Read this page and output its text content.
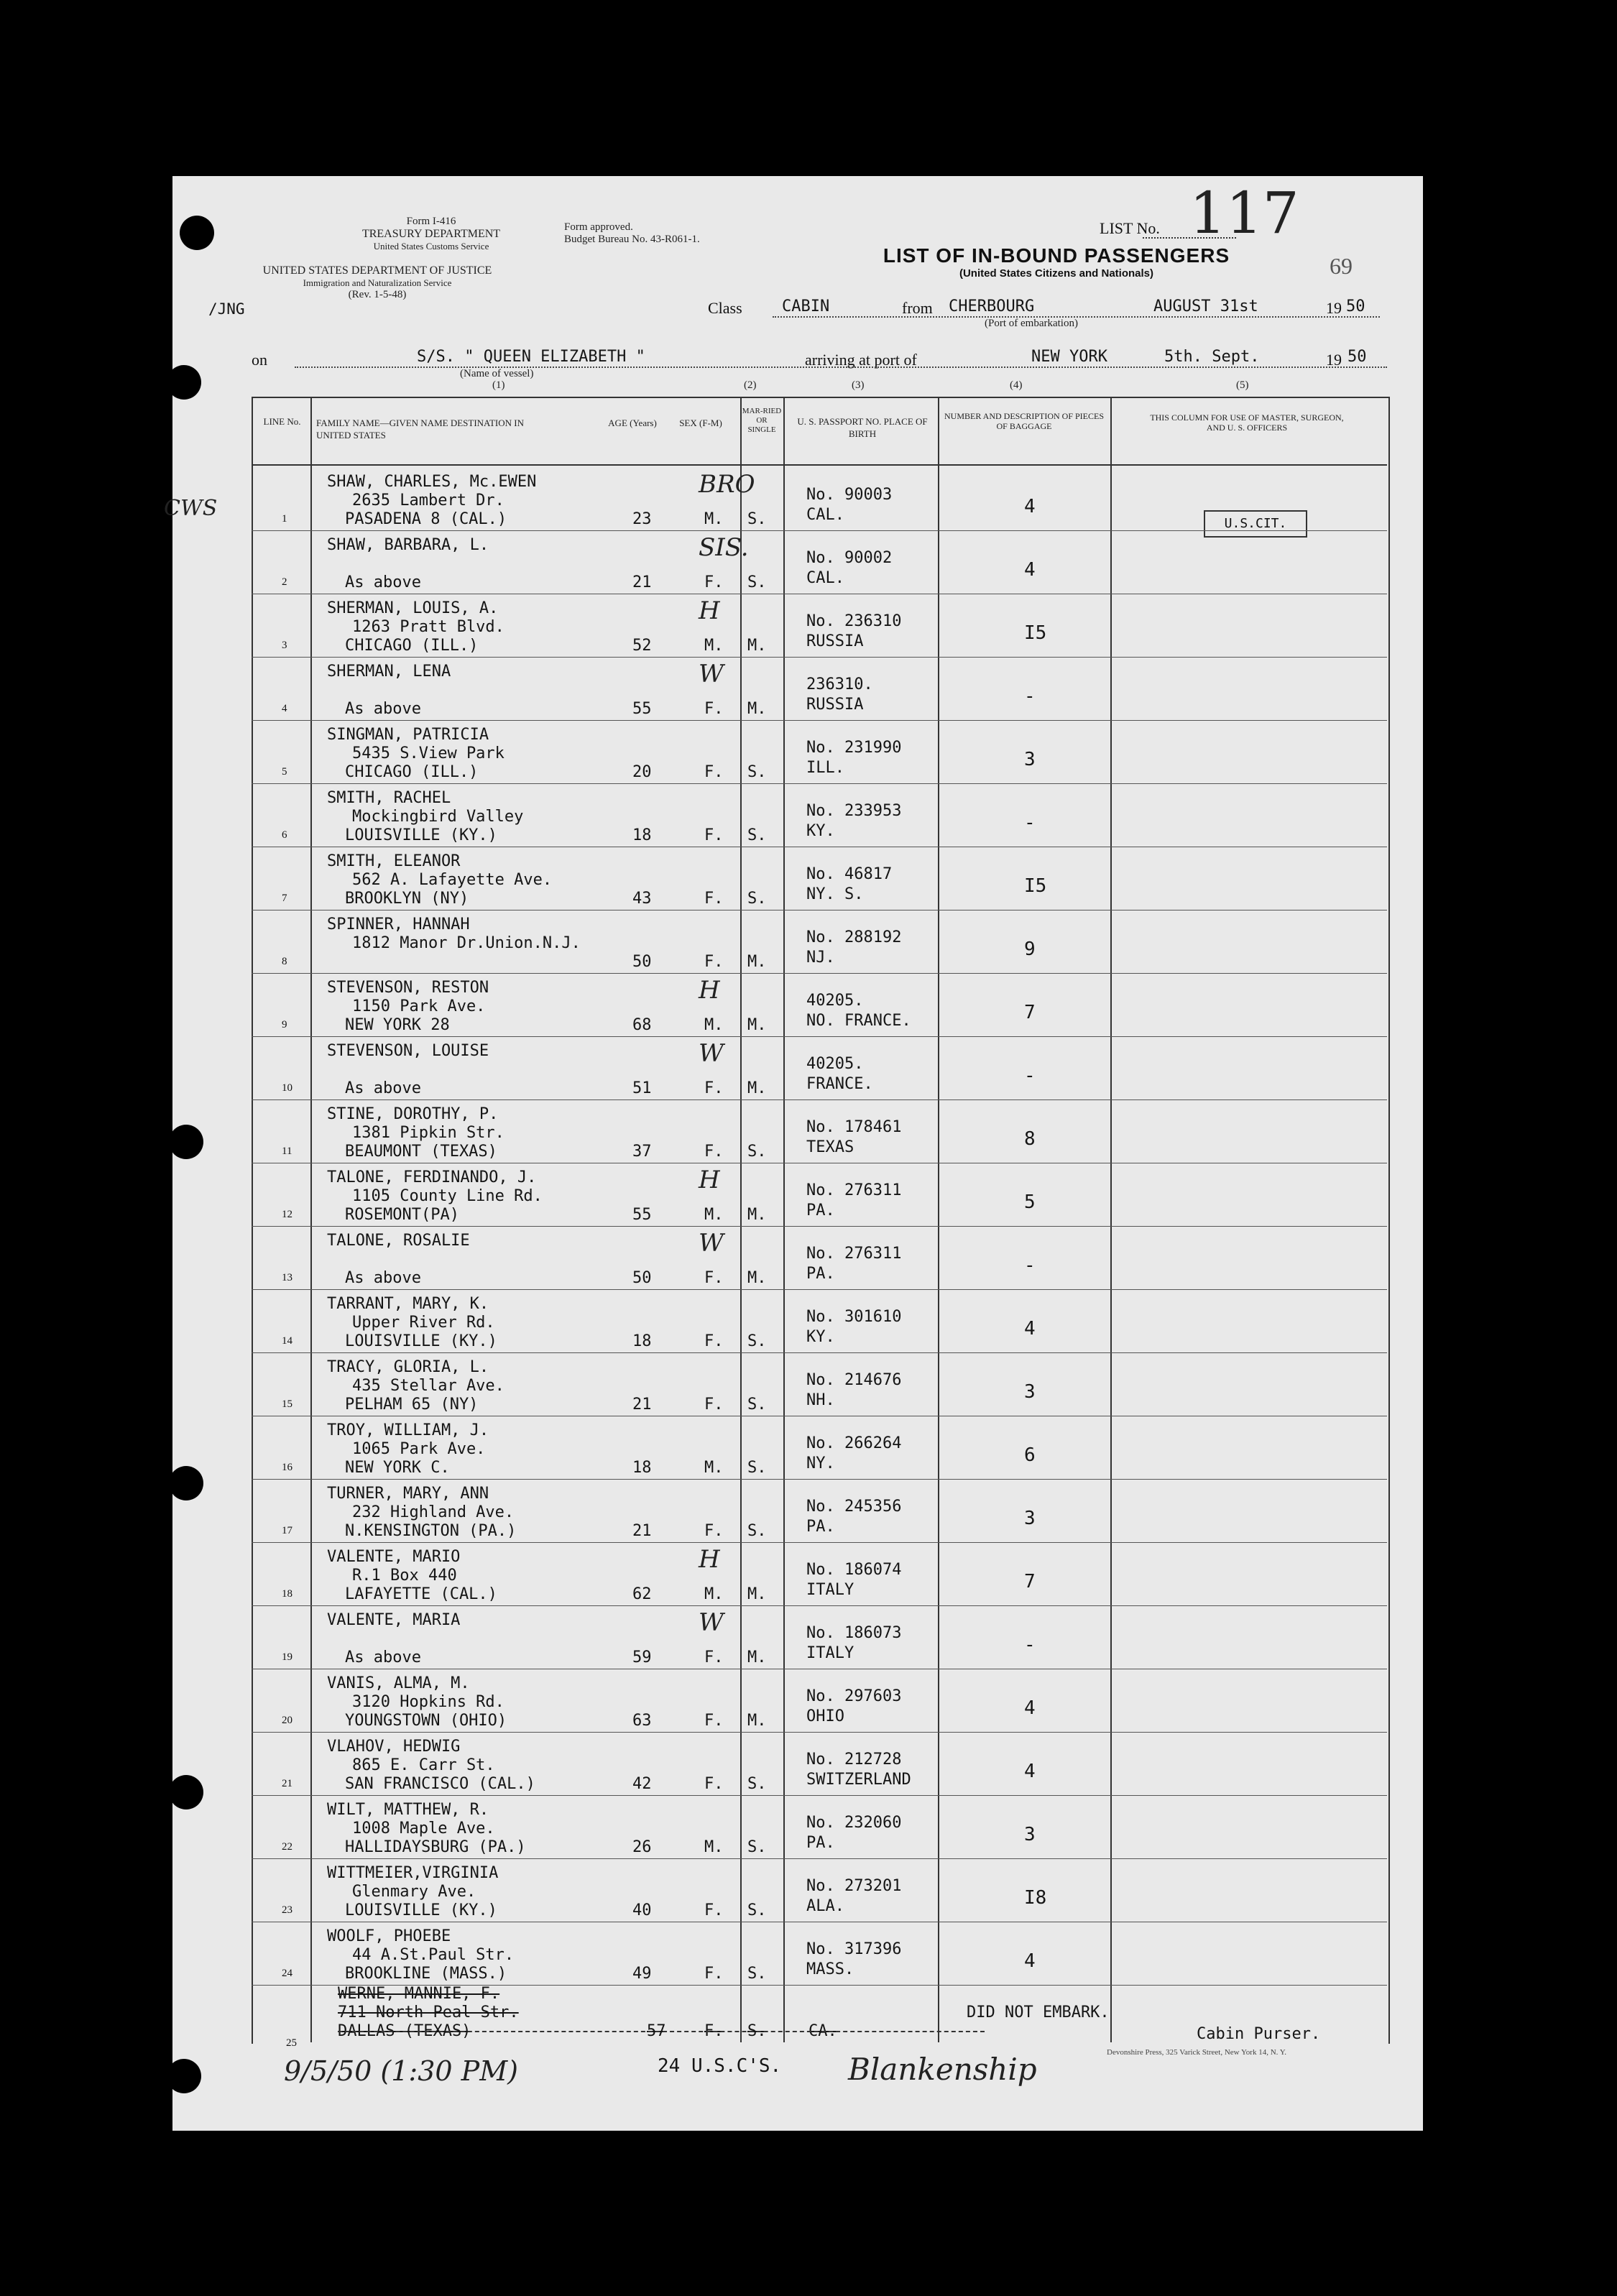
Form I-416
TREASURY DEPARTMENT
United States Customs Service
UNITED STATES DEPARTMENT OF JUSTICE
Immigration and Naturalization Service
(Rev. 1-5-48)
Form approved.
Budget Bureau No. 43-R061-1.
LIST No. 117
69
LIST OF IN-BOUND PASSENGERS
(United States Citizens and Nationals)
/JNG	Class	CABIN	from CHERBOURG
(Port of embarkation)
AUGUST 31st	19 50
on	S/S. " QUEEN ELIZABETH "
(Name of vessel)
arriving at port of	NEW YORK	5th. Sept.	19 50
(1)	(2)	(3)	(4)	(5)
LINE No.	FAMILY NAME—GIVEN NAME DESTINATION IN UNITED STATES
AGE (Years) SEX (F-M)
MAR-RIED OR SINGLE
U. S. PASSPORT NO. PLACE OF BIRTH
NUMBER AND DESCRIPTION OF PIECES OF BAGGAGE
THIS COLUMN FOR USE OF MASTER, SURGEON, AND U. S. OFFICERS
U.S.CIT.
CWS	1
SHAW, CHARLES, Mc.EWEN
2635 Lambert Dr.
PASADENA 8 (CAL.)	23	M. S.
No. 90003
CAL.	4
BRO
2
SHAW, BARBARA, L.
As above	21	F. S.
No. 90002
CAL.	4
SIS.
3
SHERMAN, LOUIS, A.
1263 Pratt Blvd.
CHICAGO (ILL.)	52	M. M.
No. 236310
RUSSIA	I5
H
4
SHERMAN, LENA
As above	55	F. M.
236310.
RUSSIA	-
W
5
SINGMAN, PATRICIA
5435 S.View Park
CHICAGO (ILL.)	20	F. S.
No. 231990
ILL.	3
6
SMITH, RACHEL
Mockingbird Valley
LOUISVILLE (KY.)	18	F. S.
No. 233953
KY.	-
7
SMITH, ELEANOR
562 A. Lafayette Ave.
BROOKLYN (NY)	43	F. S.
No. 46817
NY. S.	I5
8
SPINNER, HANNAH
1812 Manor Dr.Union.N.J.
50	F. M.
No. 288192
NJ.	9
9
STEVENSON, RESTON
1150 Park Ave.
NEW YORK 28	68	M. M.
40205.
NO. FRANCE.	7
H
10
STEVENSON, LOUISE
As above	51	F. M.
40205.
FRANCE.	-
W
11
STINE, DOROTHY, P.
1381 Pipkin Str.
BEAUMONT (TEXAS)	37	F. S.
No. 178461
TEXAS	8
12
TALONE, FERDINANDO, J.
1105 County Line Rd.
ROSEMONT(PA)	55	M. M.
No. 276311
PA.	5
H
13
TALONE, ROSALIE
As above	50	F. M.
No. 276311
PA.	-
W
14
TARRANT, MARY, K.
Upper River Rd.
LOUISVILLE (KY.)	18	F. S.
No. 301610
KY.	4
15
TRACY, GLORIA, L.
435 Stellar Ave.
PELHAM 65 (NY)	21	F. S.
No. 214676
NH.	3
16
TROY, WILLIAM, J.
1065 Park Ave.
NEW YORK C.	18	M. S.
No. 266264
NY.	6
17
TURNER, MARY, ANN
232 Highland Ave.
N.KENSINGTON (PA.)	21	F. S.
No. 245356
PA.	3
18
VALENTE, MARIO
R.1 Box 440
LAFAYETTE (CAL.)	62	M. M.
No. 186074
ITALY	7
H
19
VALENTE, MARIA
As above	59	F. M.
No. 186073
ITALY	-
W
20
VANIS, ALMA, M.
3120 Hopkins Rd.
YOUNGSTOWN (OHIO)	63	F. M.
No. 297603
OHIO	4
21
VLAHOV, HEDWIG
865 E. Carr St.
SAN FRANCISCO (CAL.)	42	F. S.
No. 212728
SWITZERLAND	4
22
WILT, MATTHEW, R.
1008 Maple Ave.
HALLIDAYSBURG (PA.)	26	M. S.
No. 232060
PA.	3
23
WITTMEIER,VIRGINIA
Glenmary Ave.
LOUISVILLE (KY.)	40	F. S.
No. 273201
ALA.	I8
24
WOOLF, PHOEBE
44 A.St.Paul Str.
BROOKLINE (MASS.)	49	F. S.
No. 317396
MASS.	4
25
WERNE, MANNIE, F.
711 North Peal Str.
DALLAS (TEXAS)	57 F. S.	CA.
DID NOT EMBARK.
Cabin Purser.
9/5/50 (1:30 PM)	24 U.S.C'S. Blankenship	Devonshire Press, 325 Varick Street, New York 14, N. Y.
